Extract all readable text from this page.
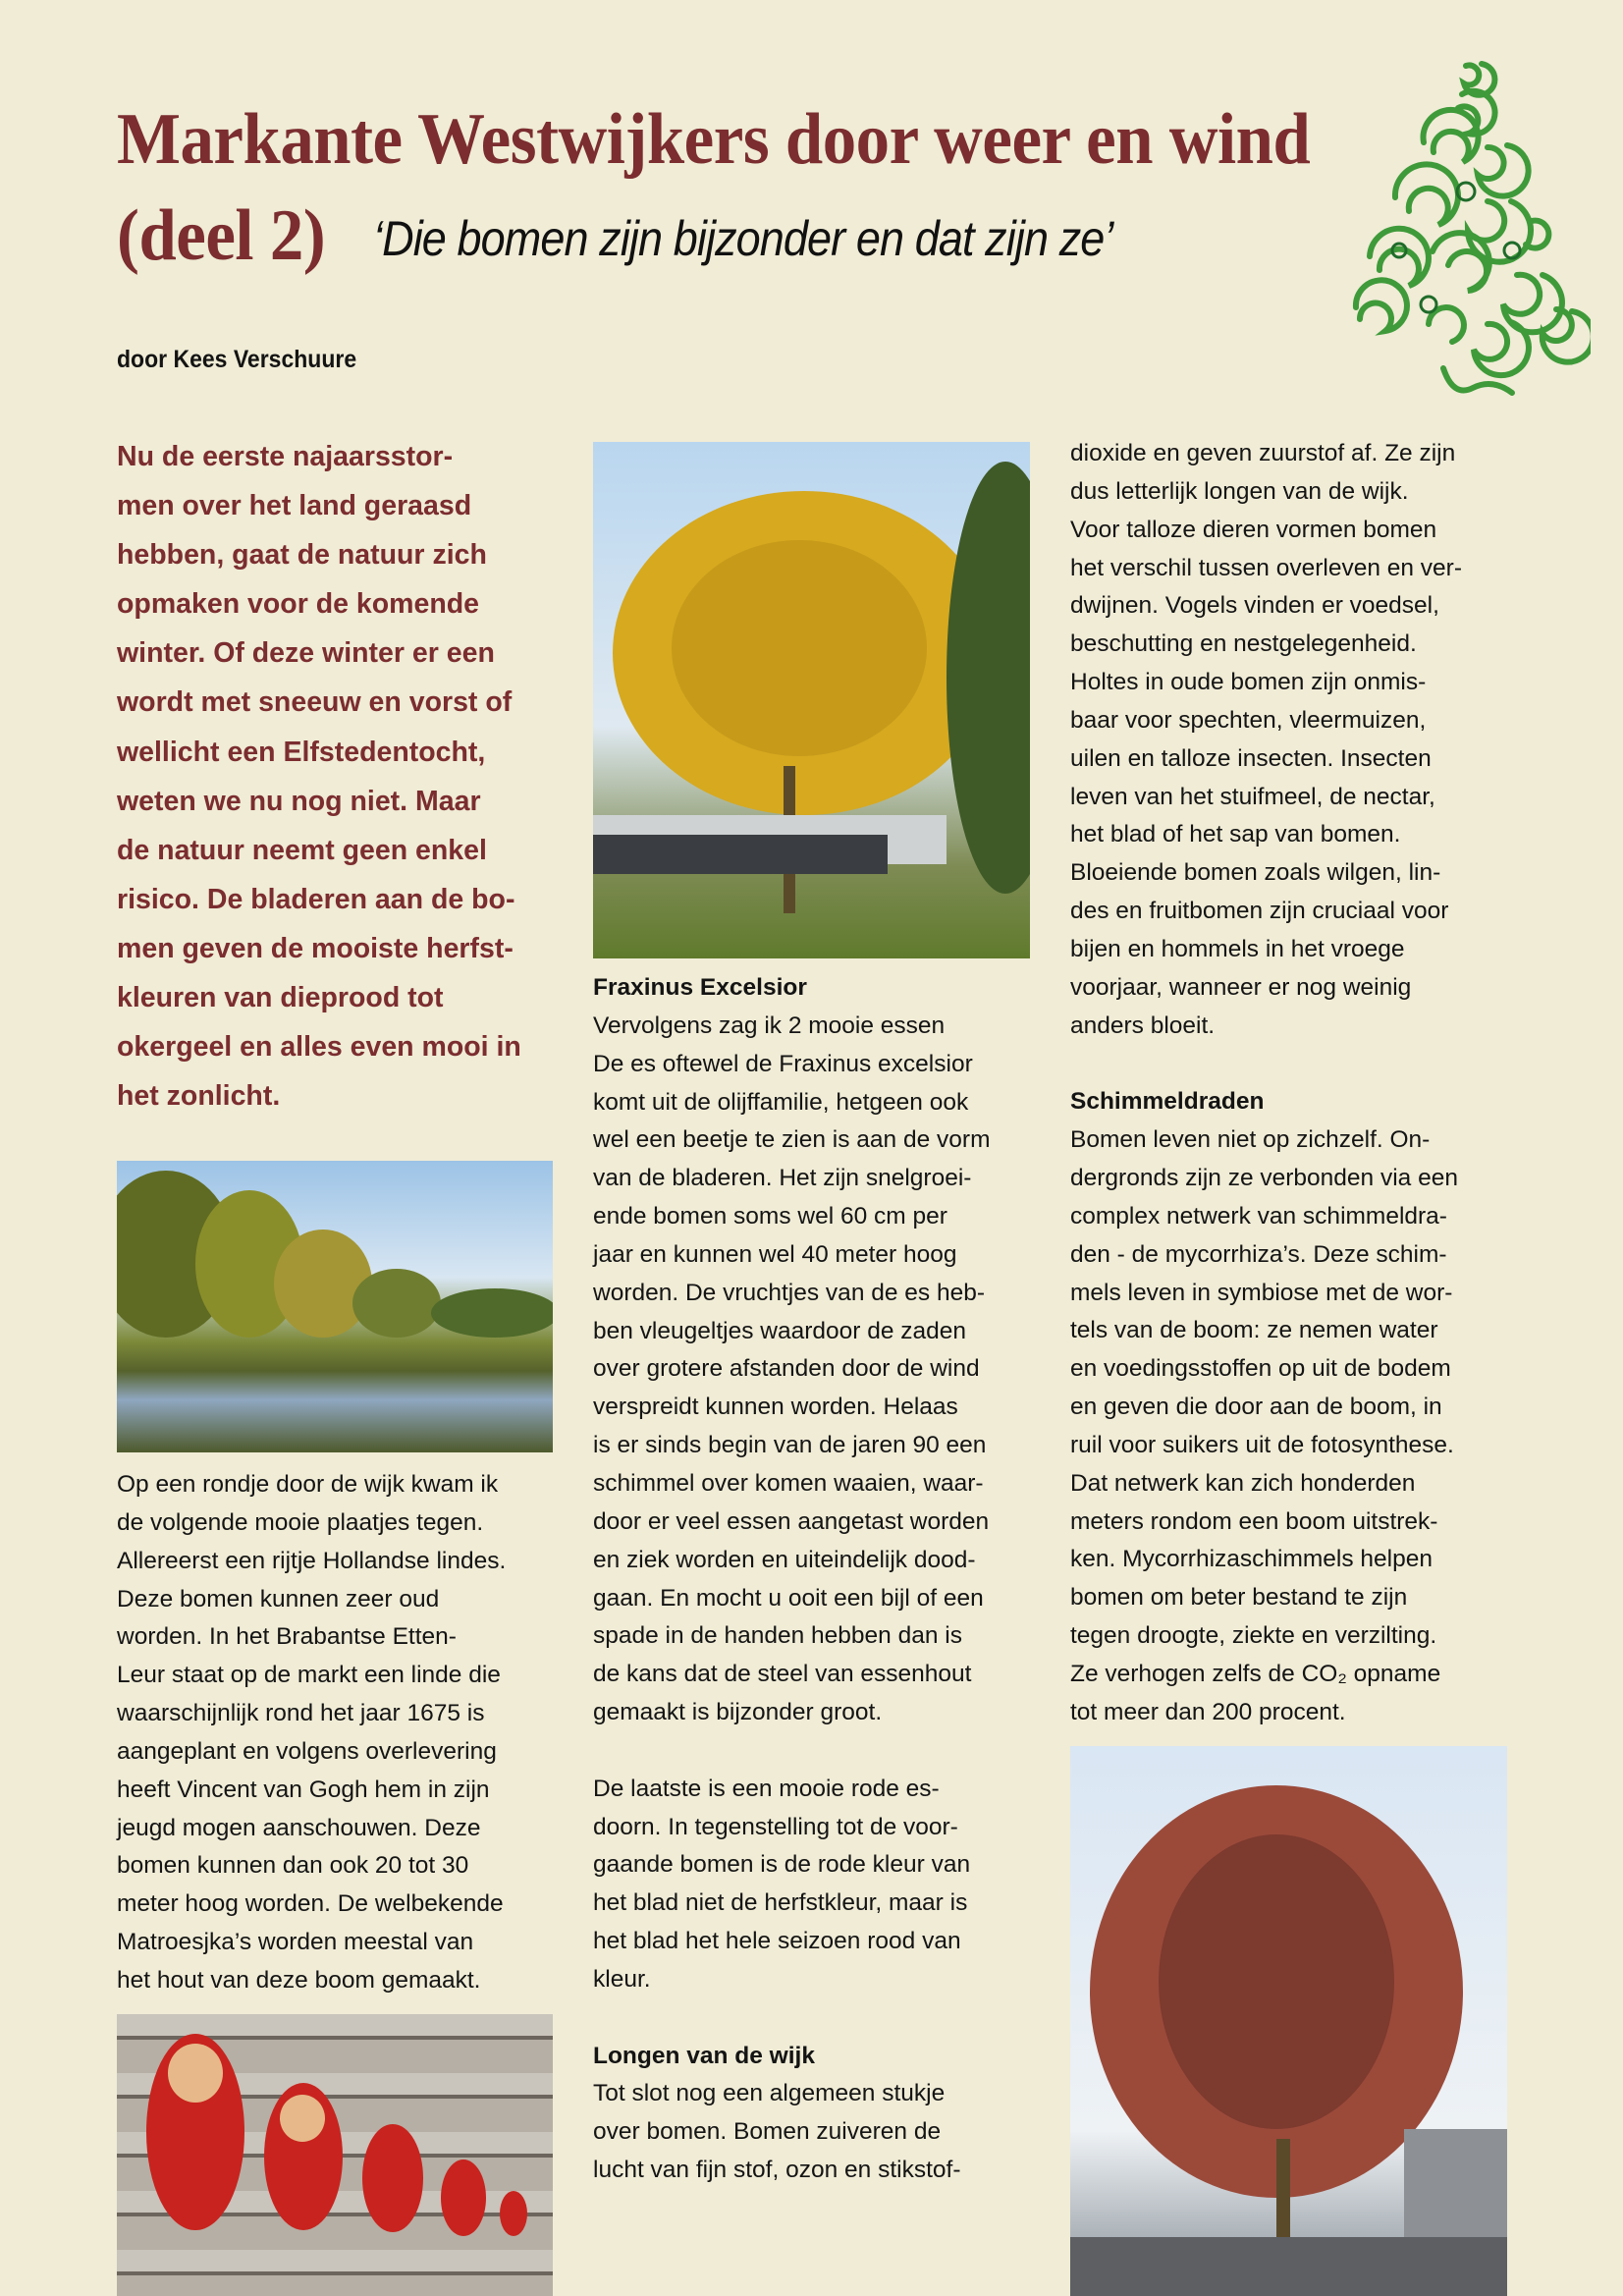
Markante Westwijkers door weer en wind
(deel 2) ‘Die bomen zijn bijzonder en dat zijn ze’
door Kees Verschuure
Nu de eerste najaarsstor-
men over het land geraasd
hebben, gaat de natuur zich
opmaken voor de komende
winter. Of deze winter er een
wordt met sneeuw en vorst of
wellicht een Elfstedentocht,
weten we nu nog niet. Maar
de natuur neemt geen enkel
risico. De bladeren aan de bo-
men geven de mooiste herfst-
kleuren van dieprood tot
okergeel en alles even mooi in
het zonlicht.
Op een rondje door de wijk kwam ik
de volgende mooie plaatjes tegen.
Allereerst een rijtje Hollandse lindes.
Deze bomen kunnen zeer oud
worden. In het Brabantse Etten-
Leur staat op de markt een linde die
waarschijnlijk rond het jaar 1675 is
aangeplant en volgens overlevering
heeft Vincent van Gogh hem in zijn
jeugd mogen aanschouwen. Deze
bomen kunnen dan ook 20 tot 30
meter hoog worden. De welbekende
Matroesjka’s worden meestal van
het hout van deze boom gemaakt.
Fraxinus Excelsior
Vervolgens zag ik 2 mooie essen
De es oftewel de Fraxinus excelsior
komt uit de olijffamilie, hetgeen ook
wel een beetje te zien is aan de vorm
van de bladeren. Het zijn snelgroei-
ende bomen soms wel 60 cm per
jaar en kunnen wel 40 meter hoog
worden. De vruchtjes van de es heb-
ben vleugeltjes waardoor de zaden
over grotere afstanden door de wind
verspreidt kunnen worden. Helaas
is er sinds begin van de jaren 90 een
schimmel over komen waaien, waar-
door er veel essen aangetast worden
en ziek worden en uiteindelijk dood-
gaan. En mocht u ooit een bijl of een
spade in de handen hebben dan is
de kans dat de steel van essenhout
gemaakt is bijzonder groot.
De laatste is een mooie rode es-
doorn. In tegenstelling tot de voor-
gaande bomen is de rode kleur van
het blad niet de herfstkleur, maar is
het blad het hele seizoen rood van
kleur.
Longen van de wijk
Tot slot nog een algemeen stukje
over bomen. Bomen zuiveren de
lucht van fijn stof, ozon en stikstof-
dioxide en geven zuurstof af. Ze zijn
dus letterlijk longen van de wijk.
Voor talloze dieren vormen bomen
het verschil tussen overleven en ver-
dwijnen. Vogels vinden er voedsel,
beschutting en nestgelegenheid.
Holtes in oude bomen zijn onmis-
baar voor spechten, vleermuizen,
uilen en talloze insecten. Insecten
leven van het stuifmeel, de nectar,
het blad of het sap van bomen.
Bloeiende bomen zoals wilgen, lin-
des en fruitbomen zijn cruciaal voor
bijen en hommels in het vroege
voorjaar, wanneer er nog weinig
anders bloeit.
Schimmeldraden
Bomen leven niet op zichzelf. On-
dergronds zijn ze verbonden via een
complex netwerk van schimmeldra-
den - de mycorrhiza’s. Deze schim-
mels leven in symbiose met de wor-
tels van de boom: ze nemen water
en voedingsstoffen op uit de bodem
en geven die door aan de boom, in
ruil voor suikers uit de fotosynthese.
Dat netwerk kan zich honderden
meters rondom een boom uitstrek-
ken. Mycorrhizaschimmels helpen
bomen om beter bestand te zijn
tegen droogte, ziekte en verzilting.
Ze verhogen zelfs de CO₂ opname
tot meer dan 200 procent.
